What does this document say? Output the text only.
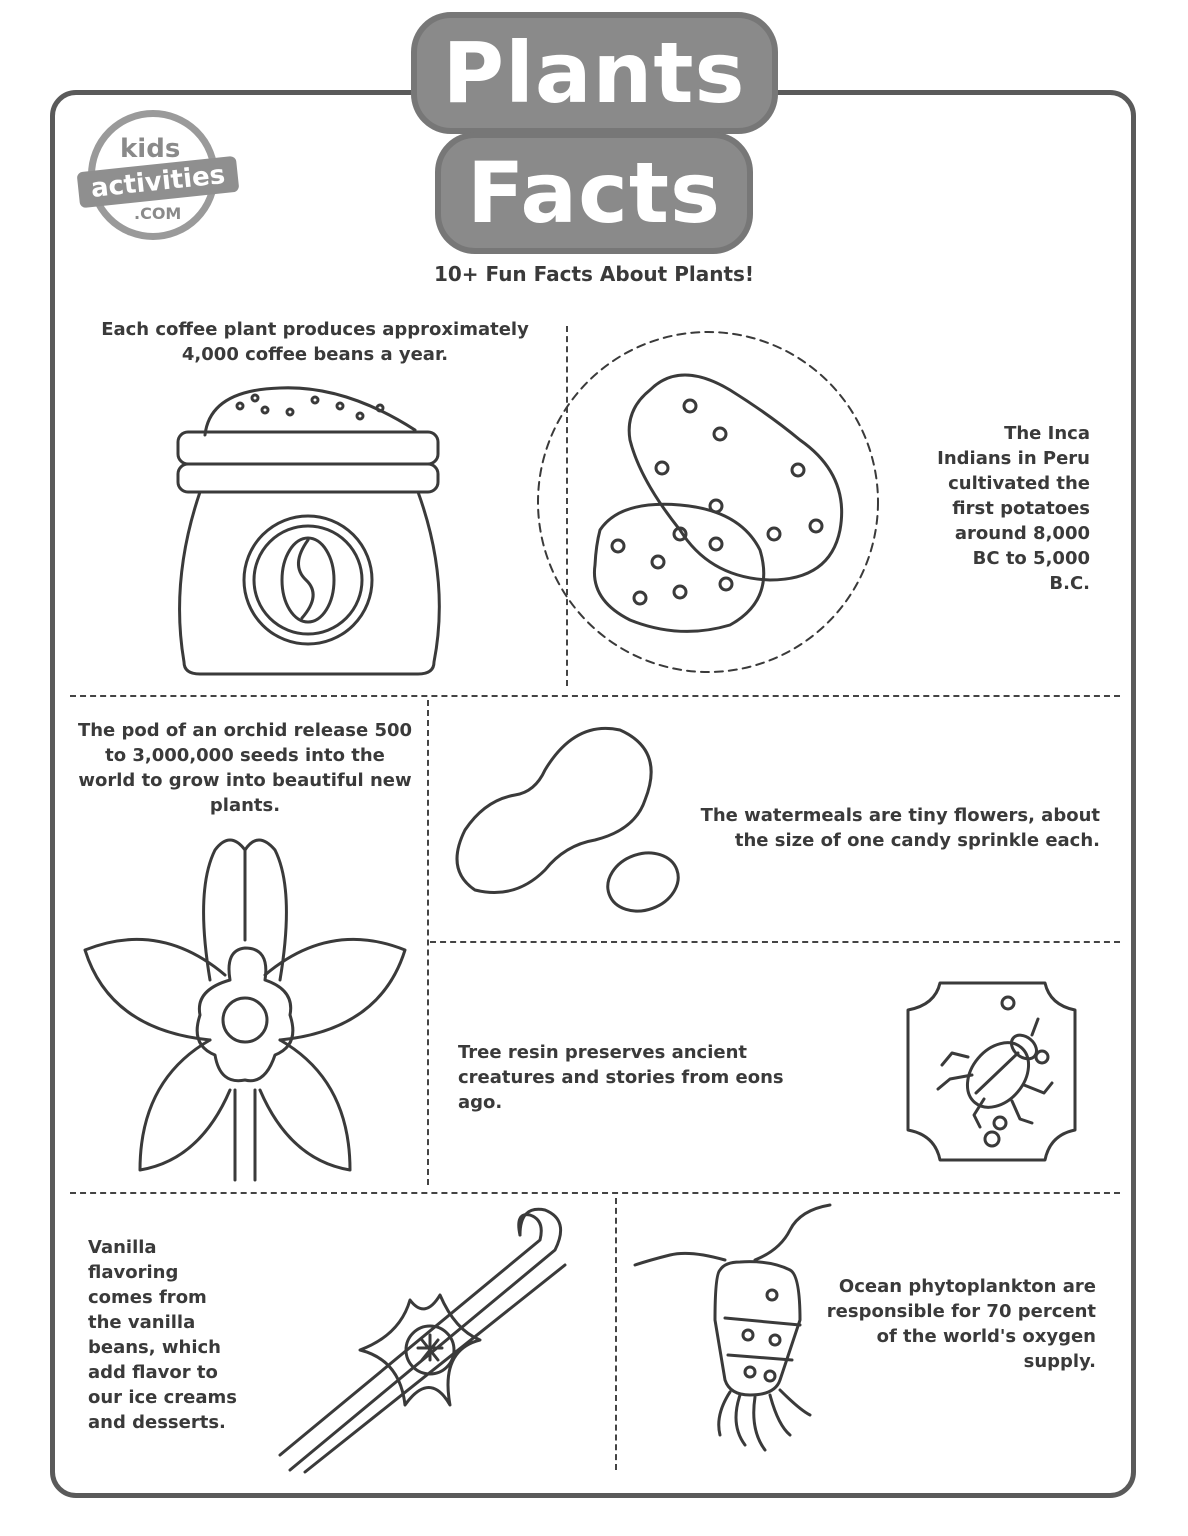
Plants
Facts
kids
activities
.COM
10+ Fun Facts About Plants!
Each coffee plant produces approximately 4,000 coffee beans a year.
The Inca Indians in Peru cultivated the first potatoes around 8,000 BC to 5,000 B.C.
The pod of an orchid release 500 to 3,000,000 seeds into the world to grow into beautiful new plants.	The watermeals are tiny flowers, about the size of one candy sprinkle each.
Tree resin preserves ancient creatures and stories from eons ago.
Vanilla flavoring comes from the vanilla beans, which add flavor to our ice creams and desserts.
Ocean phytoplankton are responsible for 70 percent of the world's oxygen supply.
